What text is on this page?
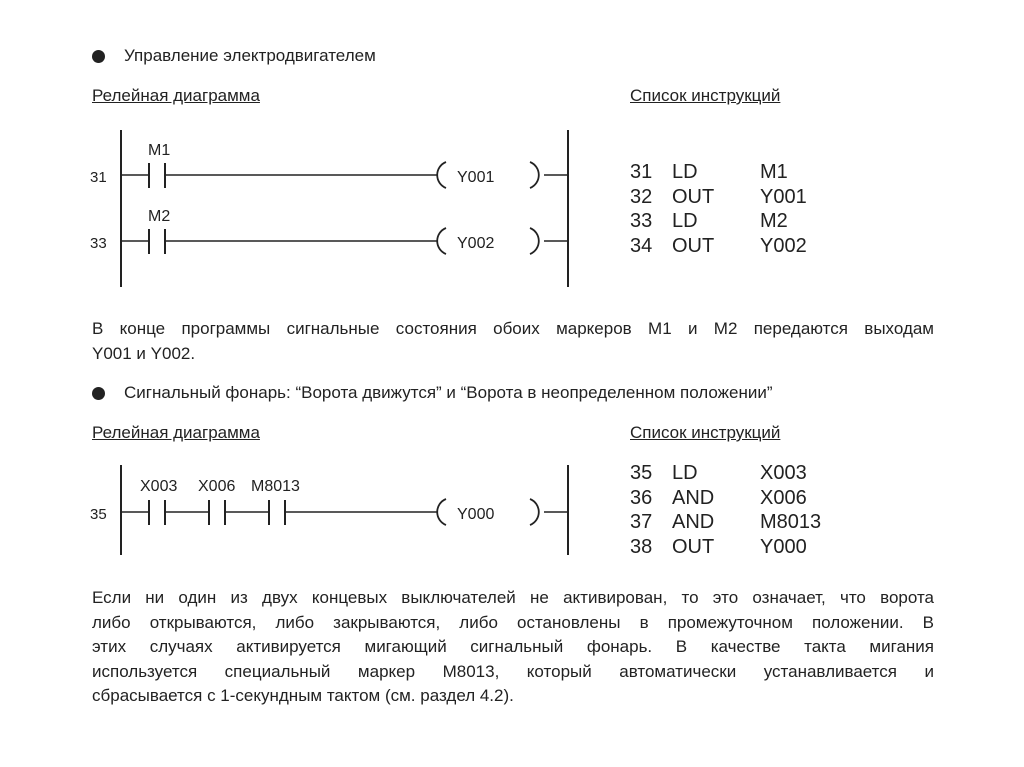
Управление электродвигателем
Релейная диаграмма	Список инструкций
31
M1
Y001
33
M2
Y002
31 LD	M1
32 OUT	Y001
33 LD	M2
34 OUT	Y002
В конце программы сигнальные состояния обоих маркеров M1 и M2 передаются выходам
Y001 и Y002.
Сигнальный фонарь: “Ворота движутся” и “Ворота в неопределенном положении”
Релейная диаграмма	Список инструкций
35
X003 X006 M8013
Y000
35 LD	X003
36 AND	X006
37 AND	M8013
38 OUT	Y000
Если ни один из двух концевых выключателей не активирован, то это означает, что ворота
либо открываются, либо закрываются, либо остановлены в промежуточном положении. В
этих случаях активируется мигающий сигнальный фонарь. В качестве такта мигания
используется специальный маркер M8013, который автоматически устанавливается и
сбрасывается с 1-секундным тактом (см. раздел 4.2).
